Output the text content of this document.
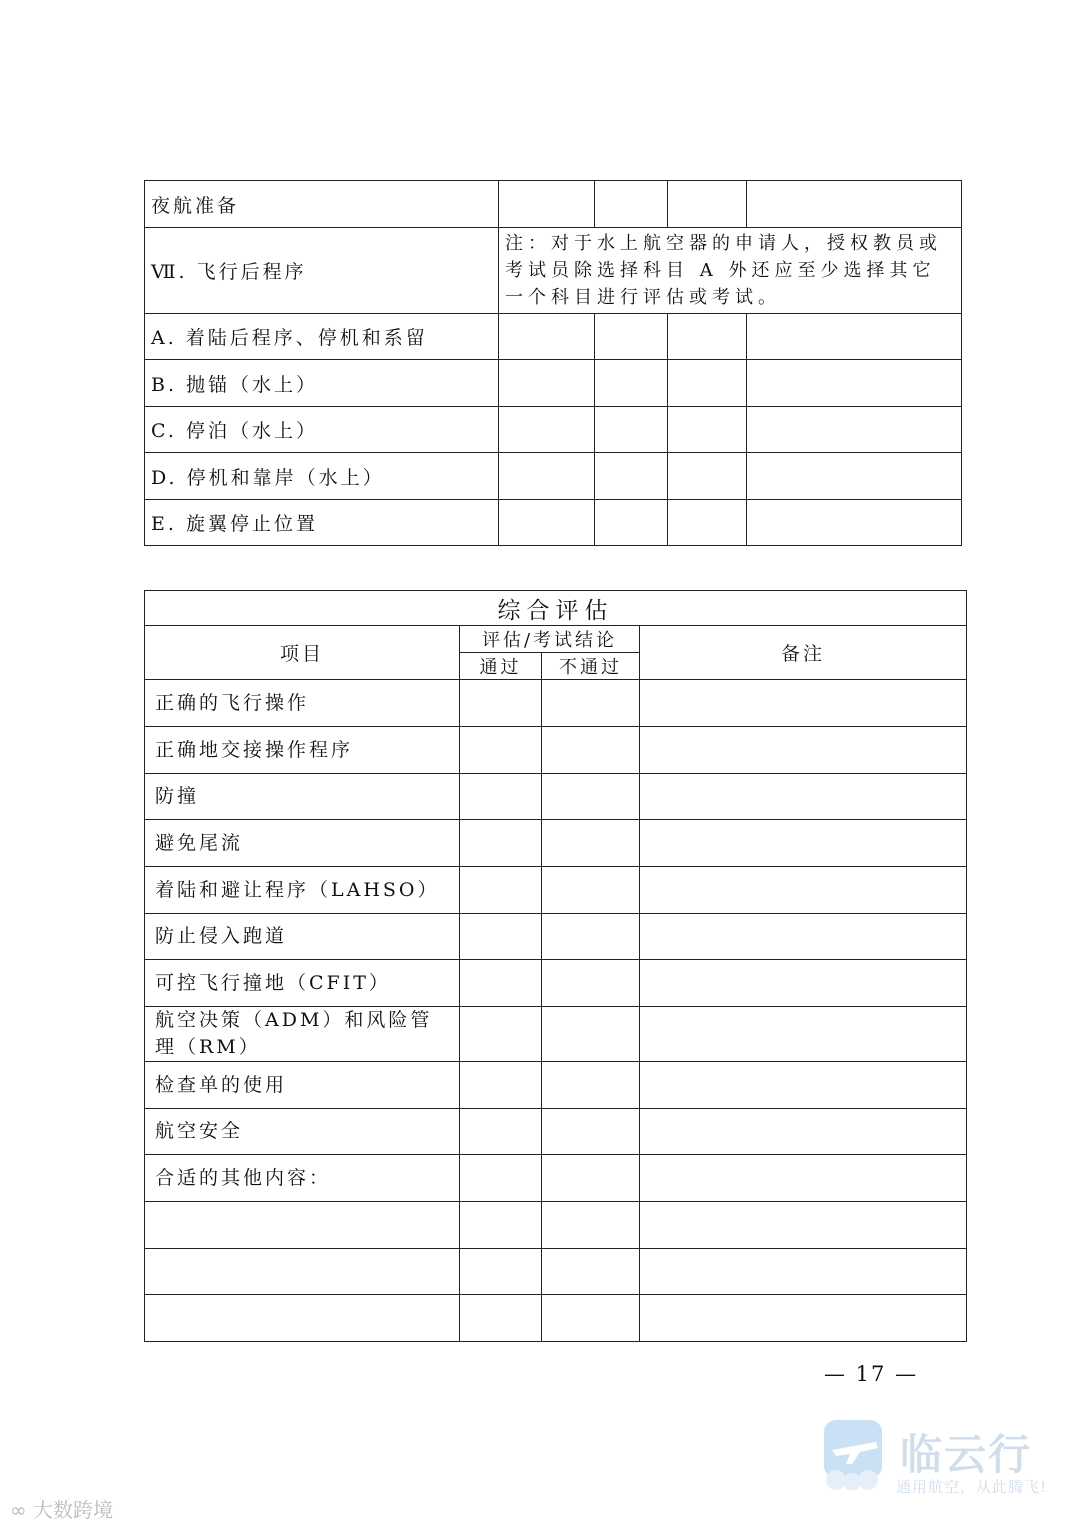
夜航准备				
Ⅶ. 飞行后程序	注：对于水上航空器的申请人，授权教员或考试员除选择科目 A 外还应至少选择其它一个科目进行评估或考试。			
A. 着陆后程序、停机和系留				
B. 抛锚（水上）				
C. 停泊（水上）				
D. 停机和靠岸（水上）				
E. 旋翼停止位置				
综合评估			
项目	评估/考试结论		备注
	通过	不通过	
正确的飞行操作			
正确地交接操作程序			
防撞			
避免尾流			
着陆和避让程序（LAHSO）			
防止侵入跑道			
可控飞行撞地（CFIT）			
航空决策（ADM）和风险管理（RM）			
检查单的使用			
航空安全			
合适的其他内容：			

— 17 —
临云行
通用航空，从此腾飞!
∞ 大数跨境
